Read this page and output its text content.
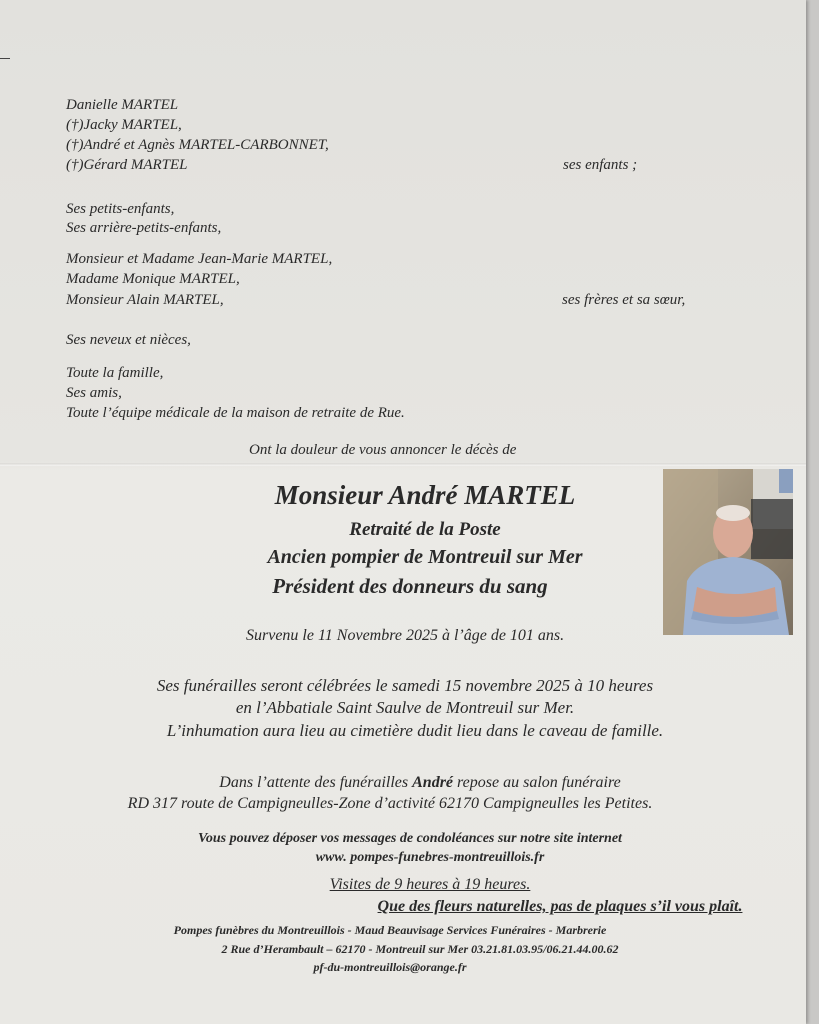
Danielle MARTEL
(†)Jacky MARTEL,
(†)André et Agnès MARTEL-CARBONNET,
(†)Gérard MARTEL	ses enfants ;
Ses petits-enfants,
Ses arrière-petits-enfants,
Monsieur et Madame Jean-Marie MARTEL,
Madame Monique MARTEL,
Monsieur Alain MARTEL,	ses frères et sa sœur,
Ses neveux et nièces,
Toute la famille,
Ses amis,
Toute l’équipe médicale de la maison de retraite de Rue.
Ont la douleur de vous annoncer le décès de
Monsieur André MARTEL
Retraité de la Poste
Ancien pompier de Montreuil sur Mer
Président des donneurs du sang
Survenu le 11 Novembre 2025 à l’âge de 101 ans.
Ses funérailles seront célébrées le samedi 15 novembre 2025 à 10 heures
en l’Abbatiale Saint Saulve de Montreuil sur Mer.
L’inhumation aura lieu au cimetière dudit lieu dans le caveau de famille.
Dans l’attente des funérailles André repose au salon funéraire
RD 317 route de Campigneulles-Zone d’activité 62170 Campigneulles les Petites.
Vous pouvez déposer vos messages de condoléances sur notre site internet
www. pompes-funebres-montreuillois.fr
Visites de 9 heures à 19 heures.
Que des fleurs naturelles, pas de plaques s’il vous plaît.
Pompes funèbres du Montreuillois - Maud Beauvisage Services Funéraires - Marbrerie
2 Rue d’Herambault – 62170 - Montreuil sur Mer 03.21.81.03.95/06.21.44.00.62
pf-du-montreuillois@orange.fr
